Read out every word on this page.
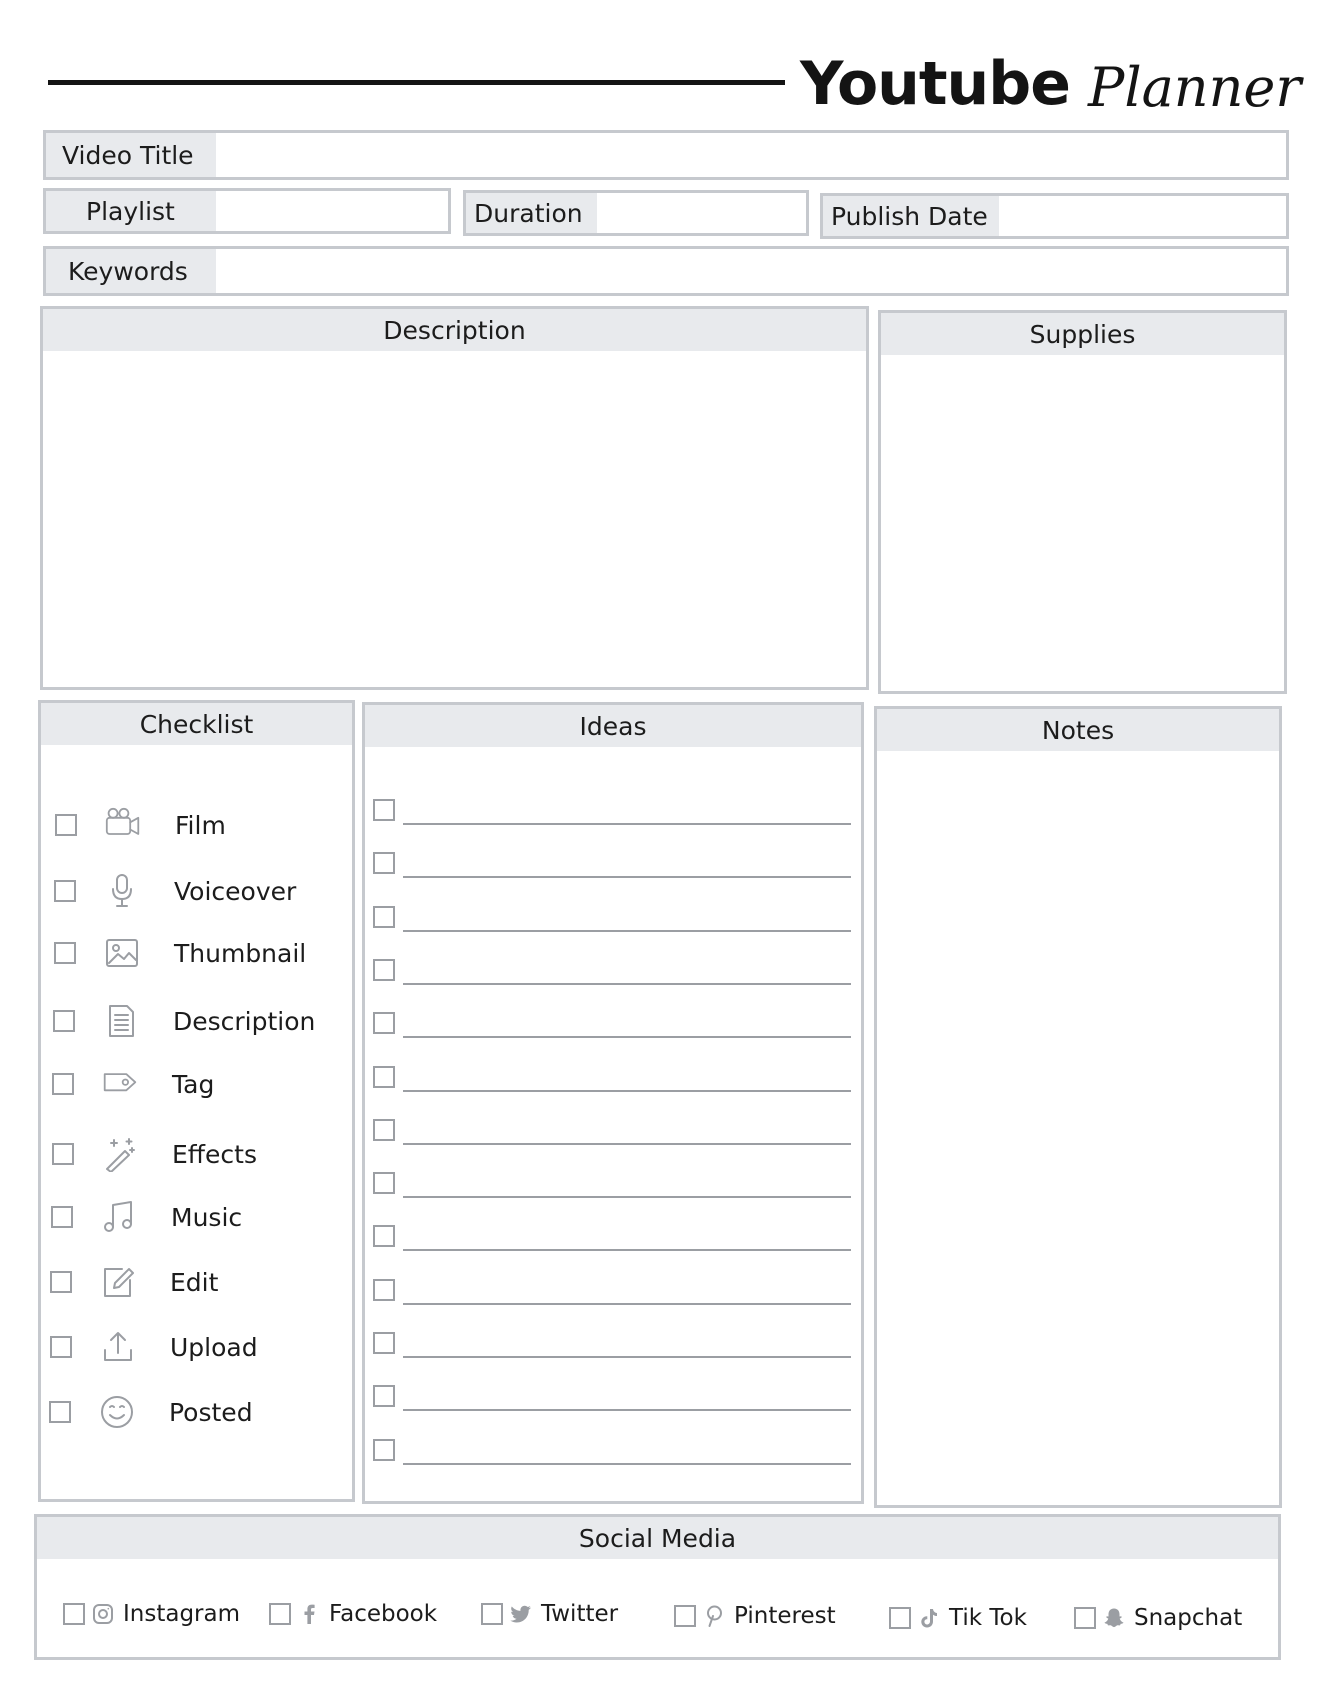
Youtube Planner
Video Title
Playlist	Duration	Publish Date
Keywords
Description	Supplies
Checklist
Film
Voiceover
Thumbnail
Description
Tag
Effects
Music
Edit
Upload
Posted
Ideas	Notes
Social Media
Instagram	Facebook	Twitter	Pinterest	Tik Tok	Snapchat
